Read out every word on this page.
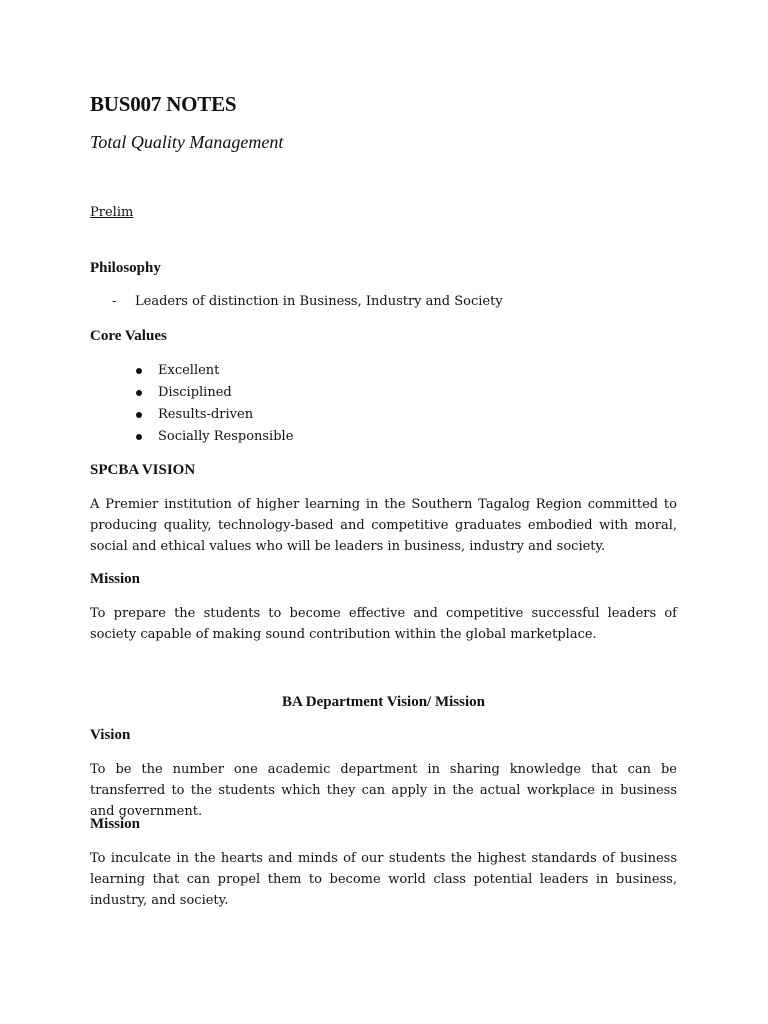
BUS007 NOTES
Total Quality Management
Prelim
Philosophy
- Leaders of distinction in Business, Industry and Society
Core Values
Excellent
Disciplined
Results-driven
Socially Responsible
SPCBA VISION

A Premier institution of higher learning in the Southern Tagalog Region committed to producing quality, technology-based and competitive graduates embodied with moral, social and ethical values who will be leaders in business, industry and society.

Mission

To prepare the students to become effective and competitive successful leaders of society capable of making sound contribution within the global marketplace.

BA Department Vision/ Mission
Vision

To be the number one academic department in sharing knowledge that can be transferred to the students which they can apply in the actual workplace in business and government.

Mission

To inculcate in the hearts and minds of our students the highest standards of business learning that can propel them to become world class potential leaders in business, industry, and society.
